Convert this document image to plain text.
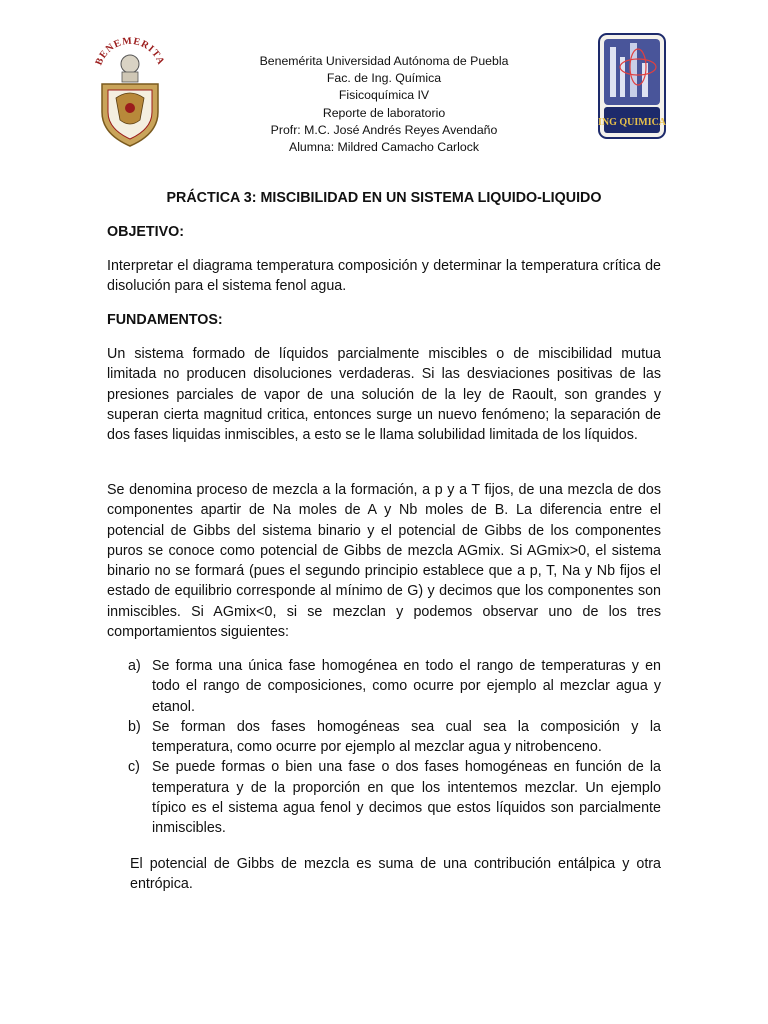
BENEMERITA
ING QUIMICA
Benemérita Universidad Autónoma de Puebla
Fac. de Ing. Química
Fisicoquímica IV
Reporte de laboratorio
Profr: M.C. José Andrés Reyes Avendaño
Alumna: Mildred Camacho Carlock
PRÁCTICA 3: MISCIBILIDAD EN UN SISTEMA LIQUIDO-LIQUIDO
OBJETIVO:
Interpretar el diagrama temperatura composición y determinar la temperatura crítica de disolución para el sistema fenol agua.
FUNDAMENTOS:
Un sistema formado de líquidos parcialmente miscibles o de miscibilidad mutua limitada no producen disoluciones verdaderas. Si las desviaciones positivas de las presiones parciales de vapor de una solución de la ley de Raoult, son grandes y superan cierta magnitud critica, entonces surge un nuevo fenómeno; la separación de dos fases liquidas inmiscibles, a esto se le llama solubilidad limitada de los líquidos.
Se denomina proceso de mezcla a la formación, a p y a T fijos, de una mezcla de dos componentes apartir de Na moles de A y Nb moles de B. La diferencia entre el potencial de Gibbs del sistema binario y el potencial de Gibbs de los componentes puros se conoce como potencial de Gibbs de mezcla AGmix. Si AGmix>0, el sistema binario no se formará (pues el segundo principio establece que a p, T, Na y Nb fijos el estado de equilibrio corresponde al mínimo de G) y decimos que los componentes son inmiscibles. Si AGmix<0, si se mezclan y podemos observar uno de los tres comportamientos siguientes:
a) Se forma una única fase homogénea en todo el rango de temperaturas y en todo el rango de composiciones, como ocurre por ejemplo al mezclar agua y etanol.
b) Se forman dos fases homogéneas sea cual sea la composición y la temperatura, como ocurre por ejemplo al mezclar agua y nitrobenceno.
c) Se puede formas o bien una fase o dos fases homogéneas en función de la temperatura y de la proporción en que los intentemos mezclar. Un ejemplo típico es el sistema agua fenol y decimos que estos líquidos son parcialmente inmiscibles.
El potencial de Gibbs de mezcla es suma de una contribución entálpica y otra entrópica.
